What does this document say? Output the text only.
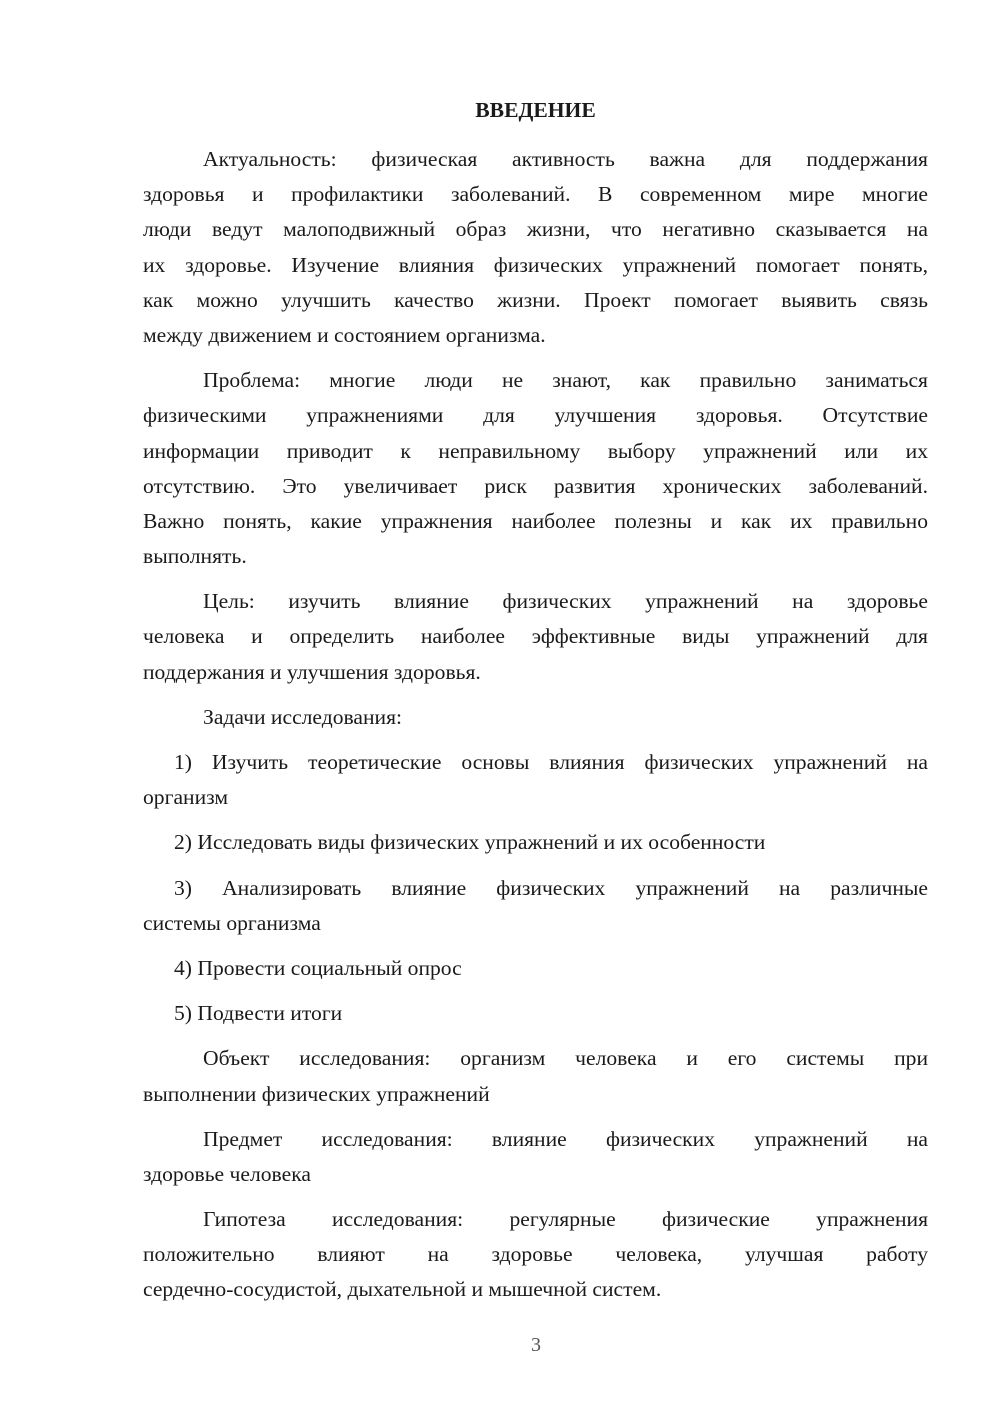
ВВЕДЕНИЕ
Актуальность: физическая активность важна для поддержания
здоровья и профилактики заболеваний. В современном мире многие
люди ведут малоподвижный образ жизни, что негативно сказывается на
их здоровье. Изучение влияния физических упражнений помогает понять,
как можно улучшить качество жизни. Проект помогает выявить связь
между движением и состоянием организма.
Проблема: многие люди не знают, как правильно заниматься
физическими упражнениями для улучшения здоровья. Отсутствие
информации приводит к неправильному выбору упражнений или их
отсутствию. Это увеличивает риск развития хронических заболеваний.
Важно понять, какие упражнения наиболее полезны и как их правильно
выполнять.
Цель: изучить влияние физических упражнений на здоровье
человека и определить наиболее эффективные виды упражнений для
поддержания и улучшения здоровья.
Задачи исследования:
1) Изучить теоретические основы влияния физических упражнений на
организм
2) Исследовать виды физических упражнений и их особенности
3) Анализировать влияние физических упражнений на различные
системы организма
4) Провести социальный опрос
5) Подвести итоги
Объект исследования: организм человека и его системы при
выполнении физических упражнений
Предмет исследования: влияние физических упражнений на
здоровье человека
Гипотеза исследования: регулярные физические упражнения
положительно влияют на здоровье человека, улучшая работу
сердечно-сосудистой, дыхательной и мышечной систем.
3
